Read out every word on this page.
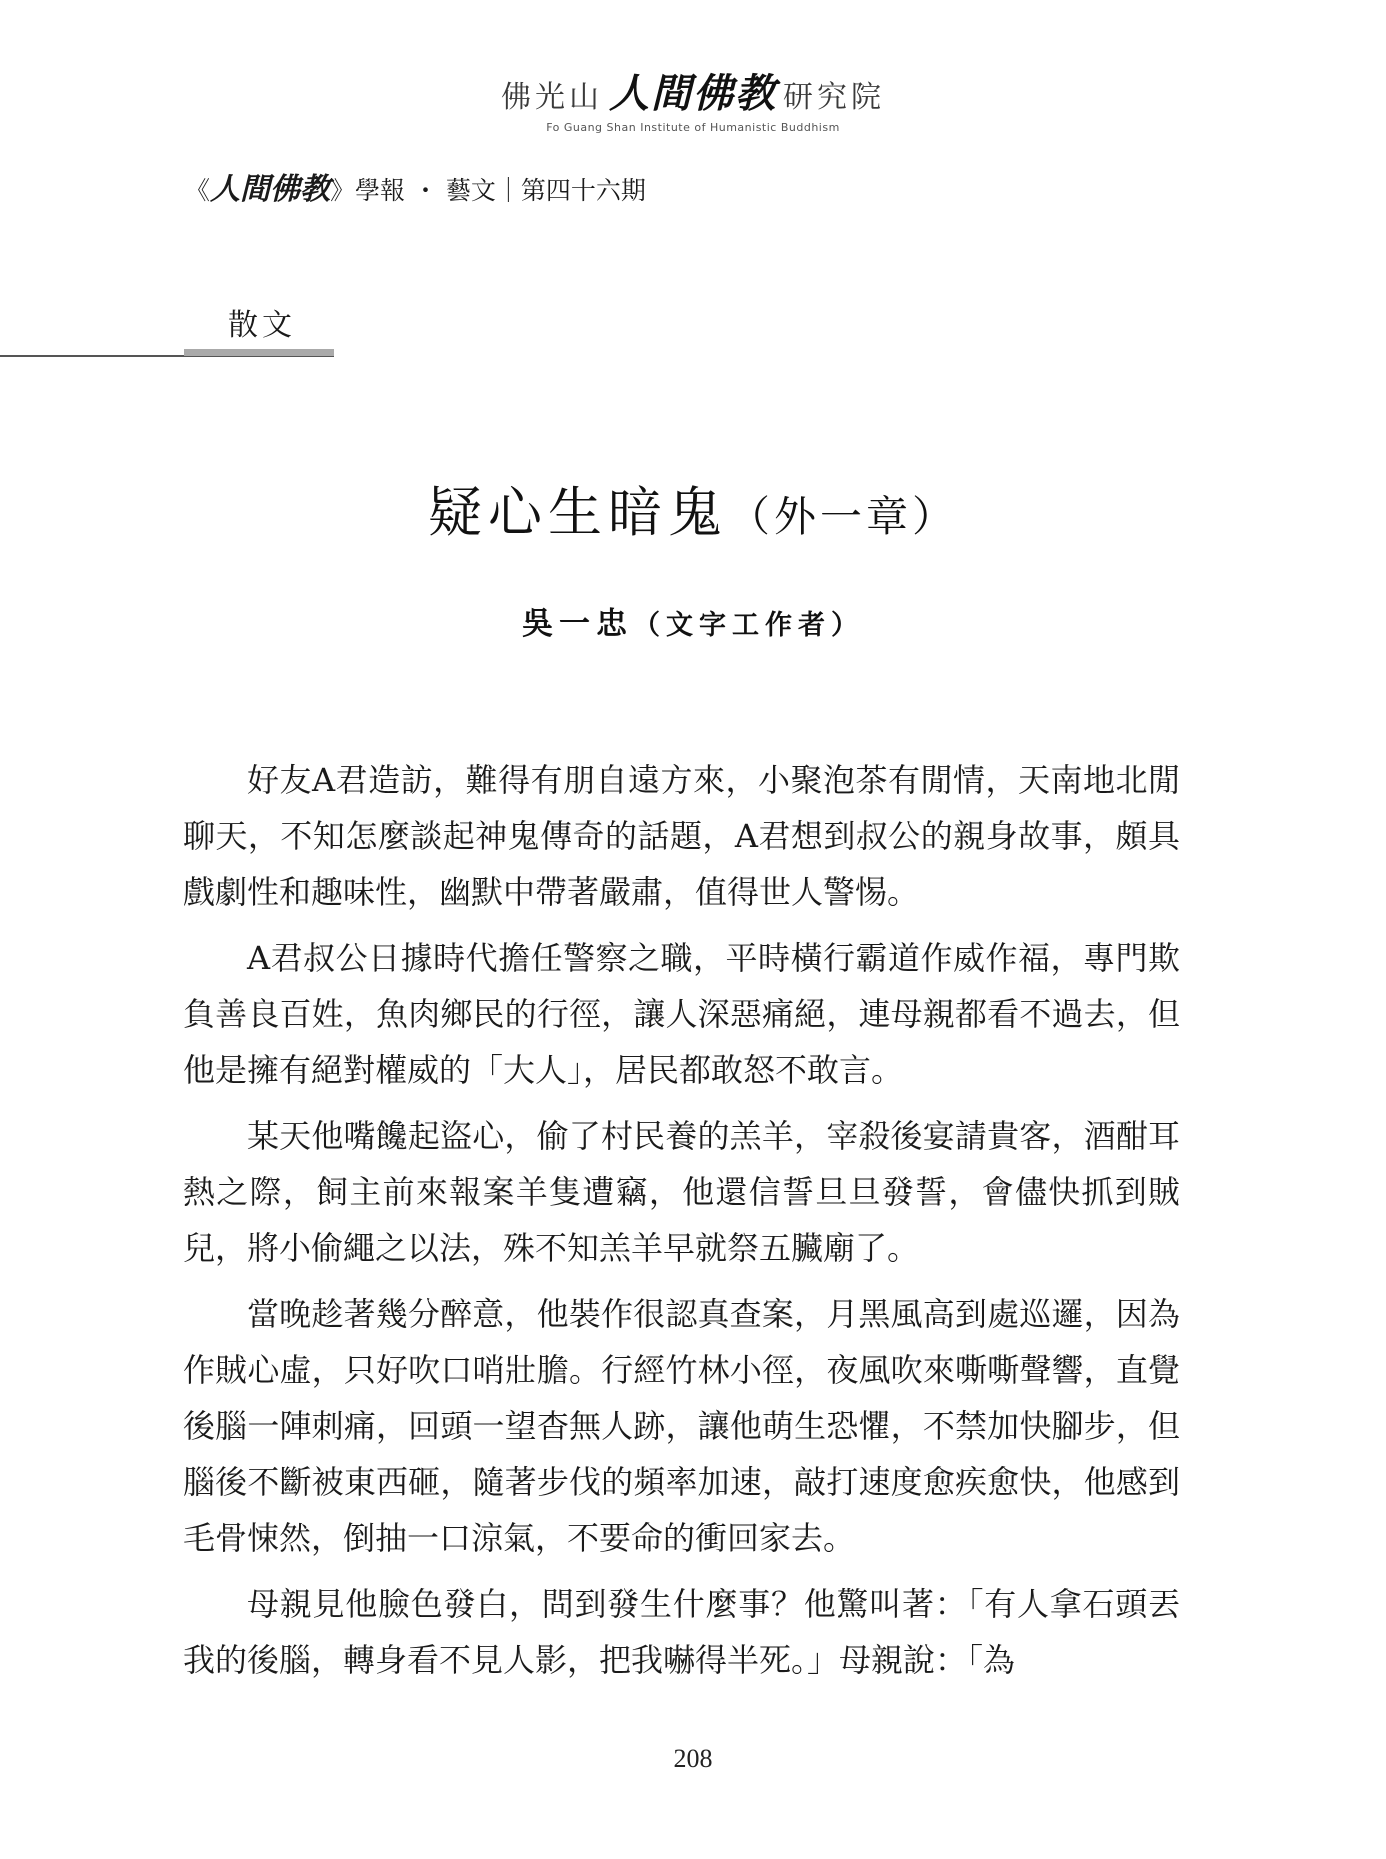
佛光山 人間佛教 研究院
Fo Guang Shan Institute of Humanistic Buddhism
《人間佛教》學報 ・ 藝文｜第四十六期
散文
疑心生暗鬼（外一章）
吳一忠（文字工作者）

好友A君造訪，難得有朋自遠方來，小聚泡茶有閒情，天南地北閒聊天，不知怎麼談起神鬼傳奇的話題，A君想到叔公的親身故事，頗具戲劇性和趣味性，幽默中帶著嚴肅，值得世人警惕。

A君叔公日據時代擔任警察之職，平時橫行霸道作威作福，專門欺負善良百姓，魚肉鄉民的行徑，讓人深惡痛絕，連母親都看不過去，但他是擁有絕對權威的「大人」，居民都敢怒不敢言。

某天他嘴饞起盜心，偷了村民養的羔羊，宰殺後宴請貴客，酒酣耳熱之際，飼主前來報案羊隻遭竊，他還信誓旦旦發誓，會儘快抓到賊兒，將小偷繩之以法，殊不知羔羊早就祭五臟廟了。

當晚趁著幾分醉意，他裝作很認真查案，月黑風高到處巡邏，因為作賊心虛，只好吹口哨壯膽。行經竹林小徑，夜風吹來嘶嘶聲響，直覺後腦一陣刺痛，回頭一望杳無人跡，讓他萌生恐懼，不禁加快腳步，但腦後不斷被東西砸，隨著步伐的頻率加速，敲打速度愈疾愈快，他感到毛骨悚然，倒抽一口涼氣，不要命的衝回家去。

母親見他臉色發白，問到發生什麼事？他驚叫著：「有人拿石頭丟我的後腦，轉身看不見人影，把我嚇得半死。」母親說：「為

208
